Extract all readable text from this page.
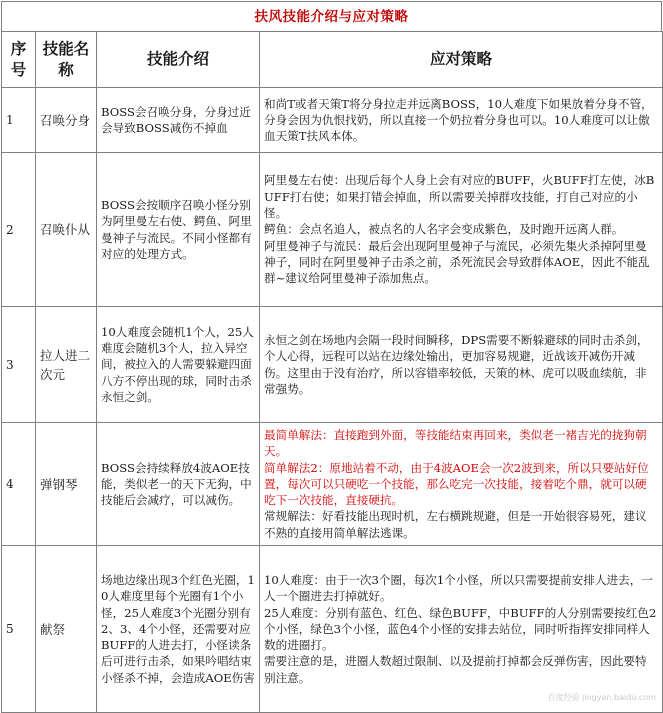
扶风技能介绍与应对策略
序号	技能名称	技能介绍	应对策略

1	召唤分身	BOSS会召唤分身，分身过近会导致BOSS减伤不掉血	和尚T或者天策T将分身拉走并远离BOSS，10人难度下如果放着分身不管，分身会因为仇恨找奶，所以直接一个奶拉着分身也可以。10人难度可以让傲血天策T扶风本体。

2	召唤仆从	BOSS会按顺序召唤小怪分别为阿里曼左右使、鳄鱼、阿里曼神子与流民。不同小怪都有对应的处理方式。	阿里曼左右使：出现后每个人身上会有对应的BUFF，火BUFF打左使，冰BUFF打右使；如果打错会掉血，所以需要关掉群攻技能，打自己对应的小怪。

鳄鱼：会点名追人，被点名的人名字会变成紫色，及时跑开远离人群。

阿里曼神子与流民：最后会出现阿里曼神子与流民，必须先集火杀掉阿里曼神子，同时在阿里曼神子击杀之前，杀死流民会导致群体AOE，因此不能乱群~建议给阿里曼神子添加焦点。

3	拉人进二次元	10人难度会随机1个人，25人难度会随机3个人，拉入异空间，被拉入的人需要躲避四面八方不停出现的球，同时击杀永恒之剑。	永恒之剑在场地内会隔一段时间瞬移，DPS需要不断躲避球的同时击杀剑，个人心得，远程可以站在边缘处输出，更加容易规避，近战该开减伤开减伤。这里由于没有治疗，所以容错率较低，天策的林、虎可以吸血续航，非常强势。

4	弹钢琴	BOSS会持续释放4波AOE技能，类似老一的天下无狗，中技能后会减疗，可以减伤。	最简单解法：直接跑到外面，等技能结束再回来，类似老一褚吉光的拢狗朝天。

简单解法2：原地站着不动，由于4波AOE会一次2波到来，所以只要站好位置，每次可以只硬吃一个技能，那么吃完一次技能，接着吃个鼎，就可以硬吃下一次技能，直接硬抗。

常规解法：好看技能出现时机，左右横跳规避，但是一开始很容易死，建议不熟的直接用简单解法逃课。

5	献祭	场地边缘出现3个红色光圈，10人难度里每个光圈有1个小怪，25人难度3个光圈分别有2、3、4个小怪，还需要对应BUFF的人进去打，小怪读条后可进行击杀，如果吟唱结束小怪杀不掉，会造成AOE伤害	10人难度：由于一次3个圈，每次1个小怪，所以只需要提前安排人进去，一人一个圈进去打掉就好。

25人难度：分别有蓝色、红色、绿色BUFF，中BUFF的人分别需要按红色2个小怪，绿色3个小怪，蓝色4个小怪的安排去站位，同时听指挥安排同样人数的进圈打。

需要注意的是，进圈人数超过限制、以及提前打掉都会反弹伤害，因此要特别注意。

百度经验 jingyan.baidu.com
